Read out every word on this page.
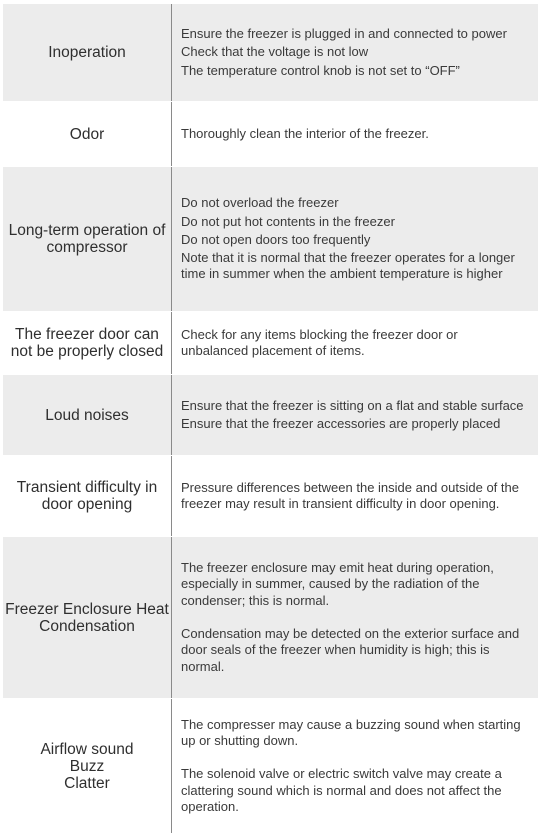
Inoperation
Ensure the freezer is plugged in and connected to power
Check that the voltage is not low
The temperature control knob is not set to “OFF”
Odor	Thoroughly clean the interior of the freezer.
Long-term operation of compressor
Do not overload the freezer
Do not put hot contents in the freezer
Do not open doors too frequently
Note that it is normal that the freezer operates for a longer time in summer when the ambient temperature is higher
The freezer door can not be properly closed
Check for any items blocking the freezer door or unbalanced placement of items.
Loud noises
Ensure that the freezer is sitting on a flat and stable surface
Ensure that the freezer accessories are properly placed
Transient difficulty in door opening
Pressure differences between the inside and outside of the freezer may result in transient difficulty in door opening.
Freezer Enclosure Heat Condensation
The freezer enclosure may emit heat during operation, especially in summer, caused by the radiation of the condenser; this is normal.
Condensation may be detected on the exterior surface and door seals of the freezer when humidity is high; this is normal.
Airflow sound
Buzz
Clatter
The compresser may cause a buzzing sound when starting up or shutting down.
The solenoid valve or electric switch valve may create a clattering sound which is normal and does not affect the operation.
